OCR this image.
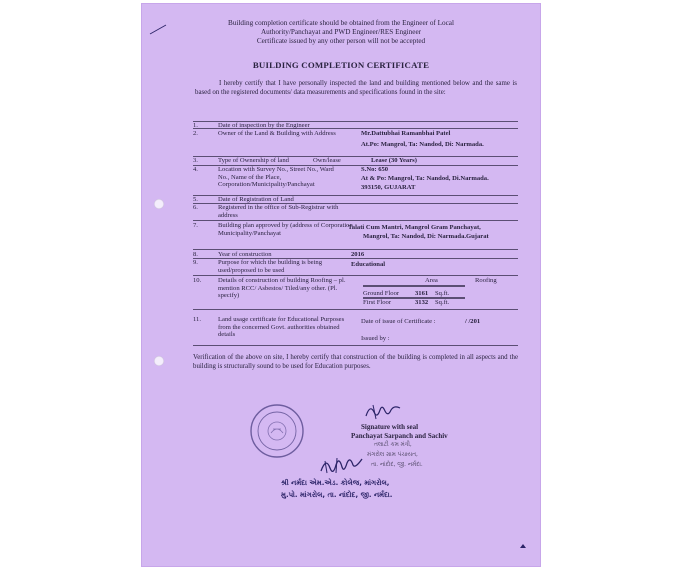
Building completion certificate should be obtained from the Engineer of Local
Authority/Panchayat and PWD Engineer/RES Engineer
Certificate issued by any other person will not be accepted
BUILDING COMPLETION CERTIFICATE
I hereby certify that I have personally inspected the land and building mentioned below and the same is based on the registered documents/ data measurements and specifications found in the site:
1.	Date of inspection by the Engineer
2.	Owner of the Land & Building with Address	Mr.Dattubhai Ramanbhai Patel
At.Po: Mangrol, Ta: Nandod, Di: Narmada.
3.	Type of Ownership of land	Own/lease	Lease (30 Years)
4.	Location with Survey No., Street No., Ward No., Name of the Place, Corporation/Municipality/Panchayat
S.No: 650
At & Po: Mangrol, Ta: Nandod, Di.Narmada.
393150, GUJARAT
5.	Date of Registration of Land
6.	Registered in the office of Sub-Registrar with address
7.	Building plan approved by (address of Corporation Municipality/Panchayat
Talati Cum Mantri, Mangrol Gram Panchayat,
Mangrol, Ta: Nandod, Di: Narmada.Gujarat
8.	Year of construction	2016
9.	Purpose for which the building is being used/proposed to be used
Educational
10.	Details of construction of building Roofing – pl. mention RCC/ Asbestos/ Tiled/any other. (Pl. specify)
Area	Roofing
Ground Floor 3161 Sq.ft.
First Floor	3132 Sq.ft.
11.	Land usage certificate for Educational Purposes from the concerned Govt. authorities obtained details
Date of issue of Certificate :	/ /201
Issued by :
Verification of the above on site, I hereby certify that construction of the building is completed in all aspects and the building is structurally sound to be used for Education purposes.
Signature with seal
Panchayat Sarpanch and Sachiv
તલાટી કમ મંત્રી,
મંગરોલ ગ્રામ પંચાયત,
તા. નાંદોદ, જી. નર્મદા.
શ્રી નર્મદા એમ.એડ. કોલેજ, માંગરોલ,
મુ.પો. માંગરોલ, તા. નાંદોદ, જી. નર્મદા.
